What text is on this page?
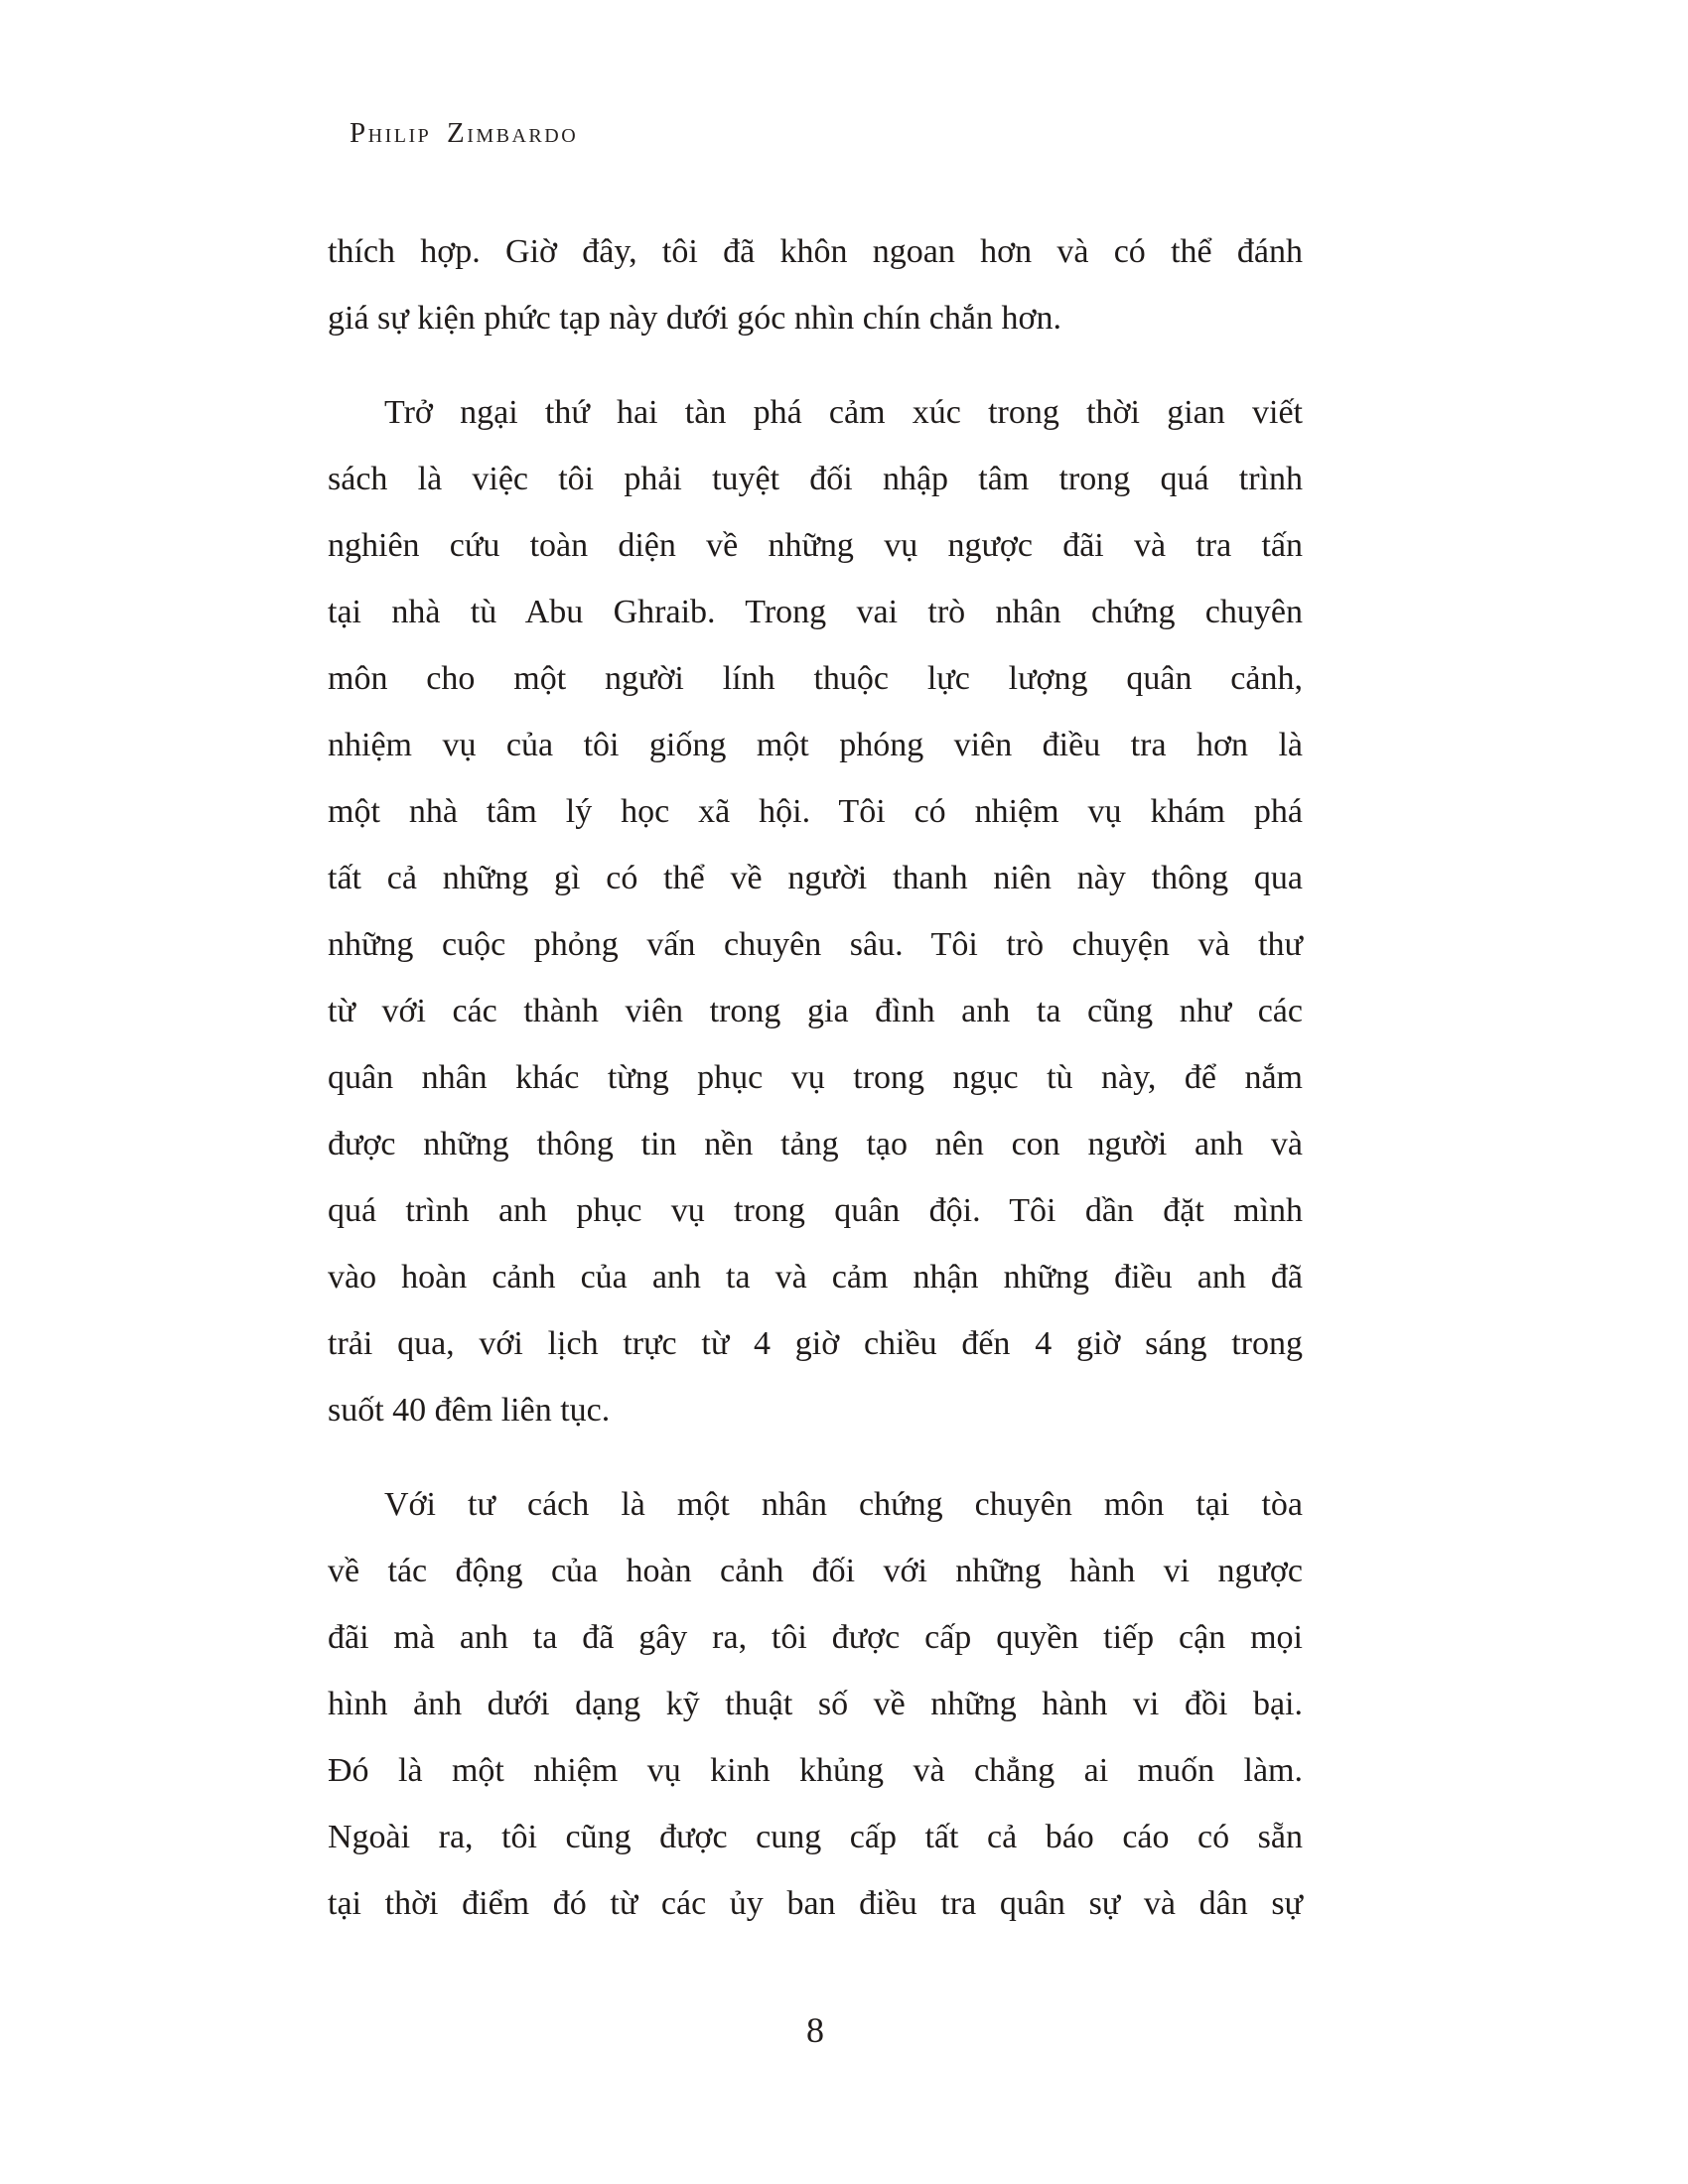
Philip Zimbardo
thích hợp. Giờ đây, tôi đã khôn ngoan hơn và có thể đánh
giá sự kiện phức tạp này dưới góc nhìn chín chắn hơn.
Trở ngại thứ hai tàn phá cảm xúc trong thời gian viết
sách là việc tôi phải tuyệt đối nhập tâm trong quá trình
nghiên cứu toàn diện về những vụ ngược đãi và tra tấn
tại nhà tù Abu Ghraib. Trong vai trò nhân chứng chuyên
môn cho một người lính thuộc lực lượng quân cảnh,
nhiệm vụ của tôi giống một phóng viên điều tra hơn là
một nhà tâm lý học xã hội. Tôi có nhiệm vụ khám phá
tất cả những gì có thể về người thanh niên này thông qua
những cuộc phỏng vấn chuyên sâu. Tôi trò chuyện và thư
từ với các thành viên trong gia đình anh ta cũng như các
quân nhân khác từng phục vụ trong ngục tù này, để nắm
được những thông tin nền tảng tạo nên con người anh và
quá trình anh phục vụ trong quân đội. Tôi dần đặt mình
vào hoàn cảnh của anh ta và cảm nhận những điều anh đã
trải qua, với lịch trực từ 4 giờ chiều đến 4 giờ sáng trong
suốt 40 đêm liên tục.
Với tư cách là một nhân chứng chuyên môn tại tòa
về tác động của hoàn cảnh đối với những hành vi ngược
đãi mà anh ta đã gây ra, tôi được cấp quyền tiếp cận mọi
hình ảnh dưới dạng kỹ thuật số về những hành vi đồi bại.
Đó là một nhiệm vụ kinh khủng và chẳng ai muốn làm.
Ngoài ra, tôi cũng được cung cấp tất cả báo cáo có sẵn
tại thời điểm đó từ các ủy ban điều tra quân sự và dân sự
8
